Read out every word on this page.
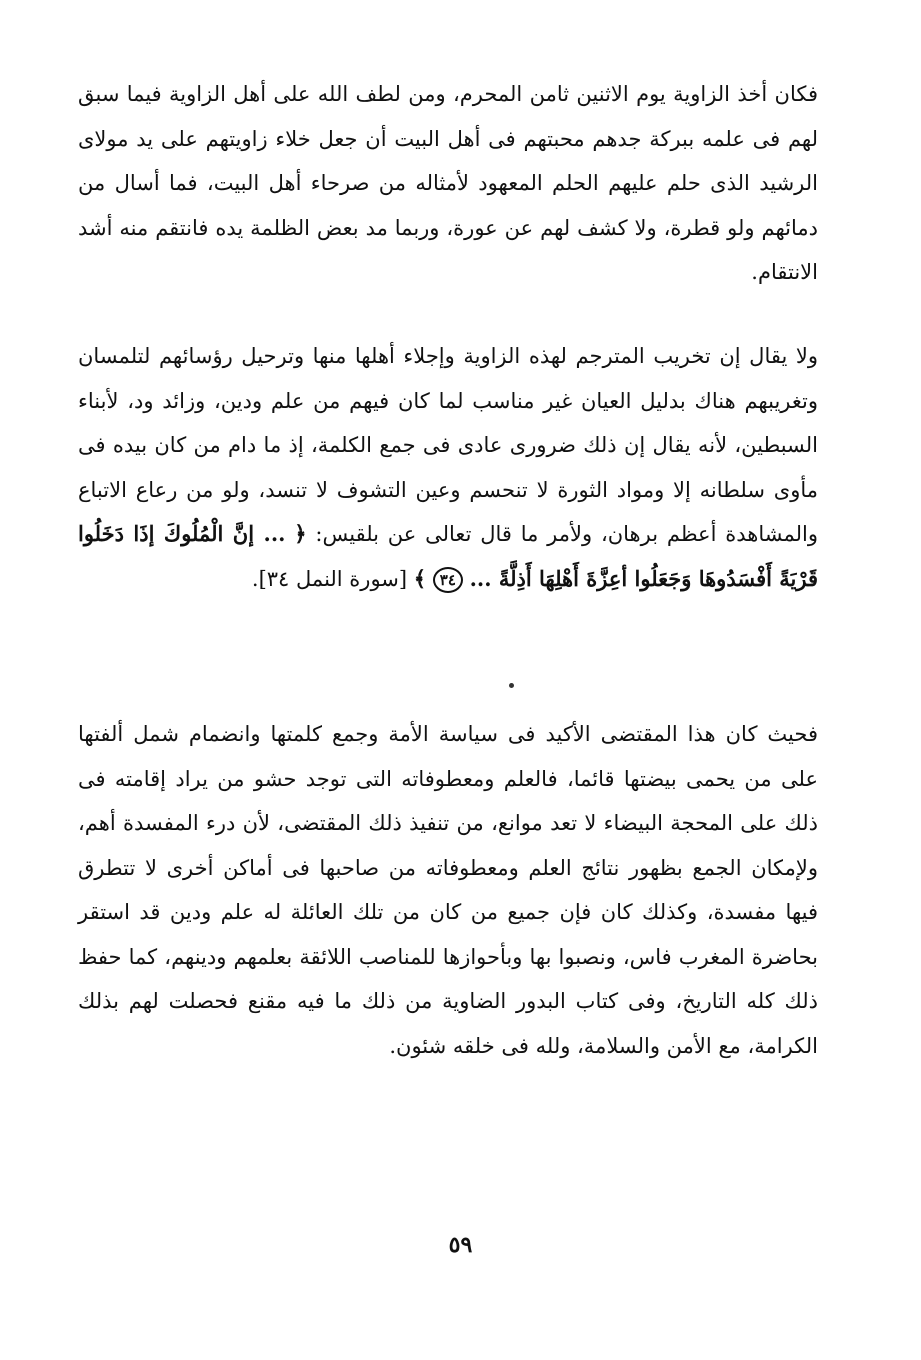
فكان أخذ الزاوية يوم الاثنين ثامن المحرم، ومن لطف الله على أهل الزاوية فيما سبق لهم فى علمه ببركة جدهم محبتهم فى أهل البيت أن جعل خلاء زاويتهم على يد مولاى الرشيد الذى حلم عليهم الحلم المعهود لأمثاله من صرحاء أهل البيت، فما أسال من دمائهم ولو قطرة، ولا كشف لهم عن عورة، وربما مد بعض الظلمة يده فانتقم منه أشد الانتقام.

ولا يقال إن تخريب المترجم لهذه الزاوية وإجلاء أهلها منها وترحيل رؤسائهم لتلمسان وتغريبهم هناك بدليل العيان غير مناسب لما كان فيهم من علم ودين، وزائد ود، لأبناء السبطين، لأنه يقال إن ذلك ضرورى عادى فى جمع الكلمة، إذ ما دام من كان بيده فى مأوى سلطانه إلا ومواد الثورة لا تنحسم وعين التشوف لا تنسد، ولو من رعاع الاتباع والمشاهدة أعظم برهان، ولأمر ما قال تعالى عن بلقيس: ﴿ ... إنَّ الْمُلُوكَ إذَا دَخَلُوا قَرْيَةً أَفْسَدُوهَا وَجَعَلُوا أعِزَّةَ أَهْلِهَا أَذِلَّةً ... ٣٤ ﴾ [سورة النمل ٣٤].

فحيث كان هذا المقتضى الأكيد فى سياسة الأمة وجمع كلمتها وانضمام شمل ألفتها على من يحمى بيضتها قائما، فالعلم ومعطوفاته التى توجد حشو من يراد إقامته فى ذلك على المحجة البيضاء لا تعد موانع، من تنفيذ ذلك المقتضى، لأن درء المفسدة أهم، ولإمكان الجمع بظهور نتائج العلم ومعطوفاته من صاحبها فى أماكن أخرى لا تتطرق فيها مفسدة، وكذلك كان فإن جميع من كان من تلك العائلة له علم ودين قد استقر بحاضرة المغرب فاس، ونصبوا بها وبأحوازها للمناصب اللائقة بعلمهم ودينهم، كما حفظ ذلك كله التاريخ، وفى كتاب البدور الضاوية من ذلك ما فيه مقنع فحصلت لهم بذلك الكرامة، مع الأمن والسلامة، ولله فى خلقه شئون.

٥٩
